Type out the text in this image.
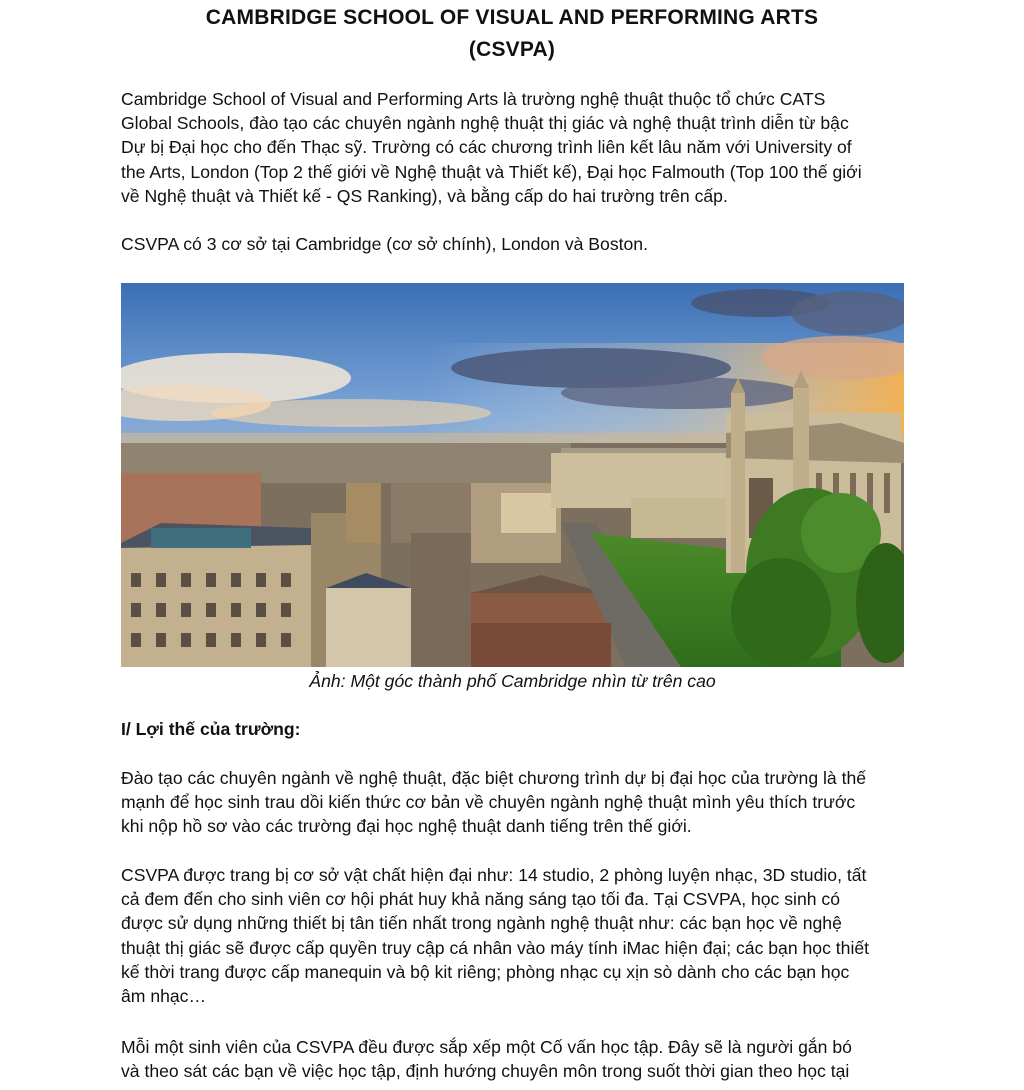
CAMBRIDGE SCHOOL OF VISUAL AND PERFORMING ARTS
(CSVPA)

Cambridge School of Visual and Performing Arts là trường nghệ thuật thuộc tổ chức CATS
Global Schools, đào tạo các chuyên ngành nghệ thuật thị giác và nghệ thuật trình diễn từ bậc
Dự bị Đại học cho đến Thạc sỹ. Trường có các chương trình liên kết lâu năm với University of
the Arts, London (Top 2 thế giới về Nghệ thuật và Thiết kế), Đại học Falmouth (Top 100 thế giới
về Nghệ thuật và Thiết kế - QS Ranking), và bằng cấp do hai trường trên cấp.

CSVPA có 3 cơ sở tại Cambridge (cơ sở chính), London và Boston.

Ảnh: Một góc thành phố Cambridge nhìn từ trên cao
I/ Lợi thế của trường:

Đào tạo các chuyên ngành về nghệ thuật, đặc biệt chương trình dự bị đại học của trường là thế
mạnh để học sinh trau dồi kiến thức cơ bản về chuyên ngành nghệ thuật mình yêu thích trước
khi nộp hồ sơ vào các trường đại học nghệ thuật danh tiếng trên thế giới.

CSVPA được trang bị cơ sở vật chất hiện đại như: 14 studio, 2 phòng luyện nhạc, 3D studio, tất
cả đem đến cho sinh viên cơ hội phát huy khả năng sáng tạo tối đa. Tại CSVPA, học sinh có
được sử dụng những thiết bị tân tiến nhất trong ngành nghệ thuật như: các bạn học về nghệ
thuật thị giác sẽ được cấp quyền truy cập cá nhân vào máy tính iMac hiện đại; các bạn học thiết
kế thời trang được cấp manequin và bộ kit riêng; phòng nhạc cụ xịn sò dành cho các bạn học
âm nhạc…

Mỗi một sinh viên của CSVPA đều được sắp xếp một Cố vấn học tập. Đây sẽ là người gắn bó
và theo sát các bạn về việc học tập, định hướng chuyên môn trong suốt thời gian theo học tại
